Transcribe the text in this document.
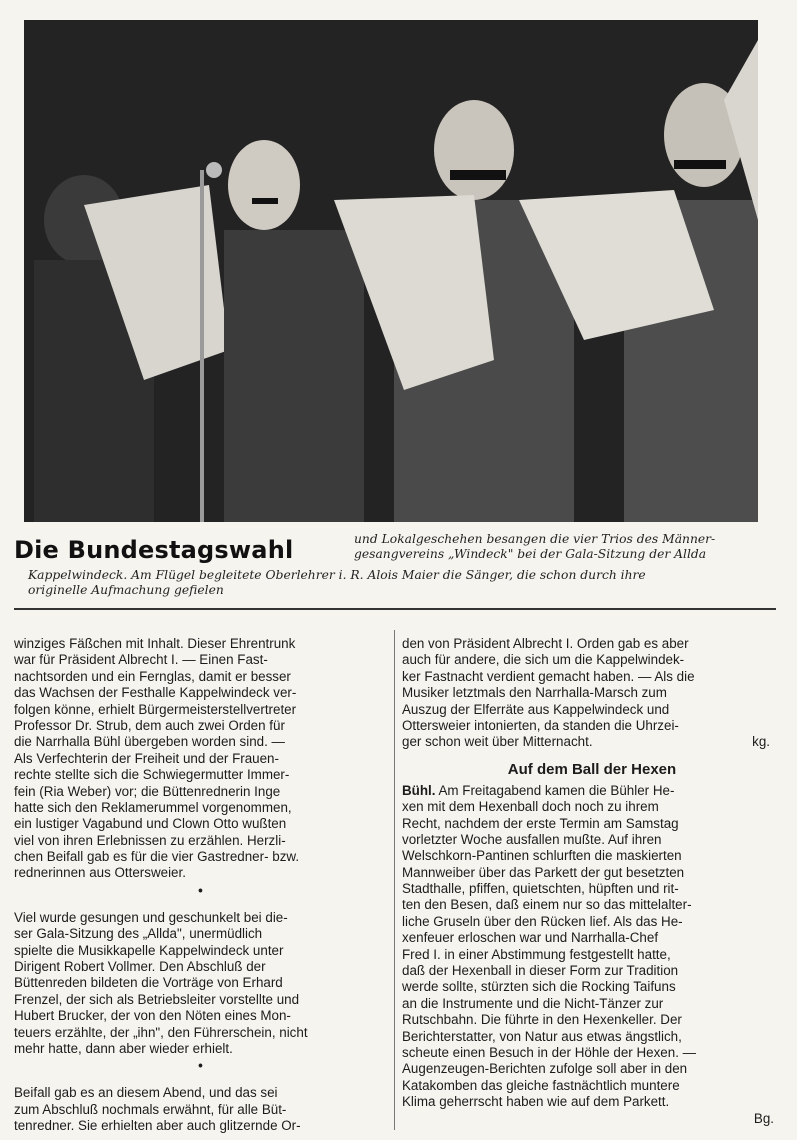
Die Bundestagswahl	und Lokalgeschehen besangen die vier Trios des Männer-
gesangvereins „Windeck" bei der Gala-Sitzung der Allda
Kappelwindeck. Am Flügel begleitete Oberlehrer i. R. Alois Maier die Sänger, die schon durch ihre
originelle Aufmachung gefielen
winziges Fäßchen mit Inhalt. Dieser Ehrentrunk
war für Präsident Albrecht I. — Einen Fast-
nachtsorden und ein Fernglas, damit er besser
das Wachsen der Festhalle Kappelwindeck ver-
folgen könne, erhielt Bürgermeisterstellvertreter
Professor Dr. Strub, dem auch zwei Orden für
die Narrhalla Bühl übergeben worden sind. —
Als Verfechterin der Freiheit und der Frauen-
rechte stellte sich die Schwiegermutter Immer-
fein (Ria Weber) vor; die Büttenrednerin Inge
hatte sich den Reklamerummel vorgenommen,
ein lustiger Vagabund und Clown Otto wußten
viel von ihren Erlebnissen zu erzählen. Herzli-
chen Beifall gab es für die vier Gastredner- bzw.
rednerinnen aus Ottersweier.
•
Viel wurde gesungen und geschunkelt bei die-
ser Gala-Sitzung des „Allda", unermüdlich
spielte die Musikkapelle Kappelwindeck unter
Dirigent Robert Vollmer. Den Abschluß der
Büttenreden bildeten die Vorträge von Erhard
Frenzel, der sich als Betriebsleiter vorstellte und
Hubert Brucker, der von den Nöten eines Mon-
teuers erzählte, der „ihn", den Führerschein, nicht
mehr hatte, dann aber wieder erhielt.
•
Beifall gab es an diesem Abend, und das sei
zum Abschluß nochmals erwähnt, für alle Büt-
tenredner. Sie erhielten aber auch glitzernde Or-
den von Präsident Albrecht I. Orden gab es aber
auch für andere, die sich um die Kappelwindek-
ker Fastnacht verdient gemacht haben. — Als die
Musiker letztmals den Narrhalla-Marsch zum
Auszug der Elferräte aus Kappelwindeck und
Ottersweier intonierten, da standen die Uhrzei-
ger schon weit über Mitternacht.	kg.
Auf dem Ball der Hexen
Bühl. Am Freitagabend kamen die Bühler He-
xen mit dem Hexenball doch noch zu ihrem
Recht, nachdem der erste Termin am Samstag
vorletzter Woche ausfallen mußte. Auf ihren
Welschkorn-Pantinen schlurften die maskierten
Mannweiber über das Parkett der gut besetzten
Stadthalle, pfiffen, quietschten, hüpften und rit-
ten den Besen, daß einem nur so das mittelalter-
liche Gruseln über den Rücken lief. Als das He-
xenfeuer erloschen war und Narrhalla-Chef
Fred I. in einer Abstimmung festgestellt hatte,
daß der Hexenball in dieser Form zur Tradition
werde sollte, stürzten sich die Rocking Taifuns
an die Instrumente und die Nicht-Tänzer zur
Rutschbahn. Die führte in den Hexenkeller. Der
Berichterstatter, von Natur aus etwas ängstlich,
scheute einen Besuch in der Höhle der Hexen. —
Augenzeugen-Berichten zufolge soll aber in den
Katakomben das gleiche fastnächtlich muntere
Klima geherrscht haben wie auf dem Parkett.
Bg.
